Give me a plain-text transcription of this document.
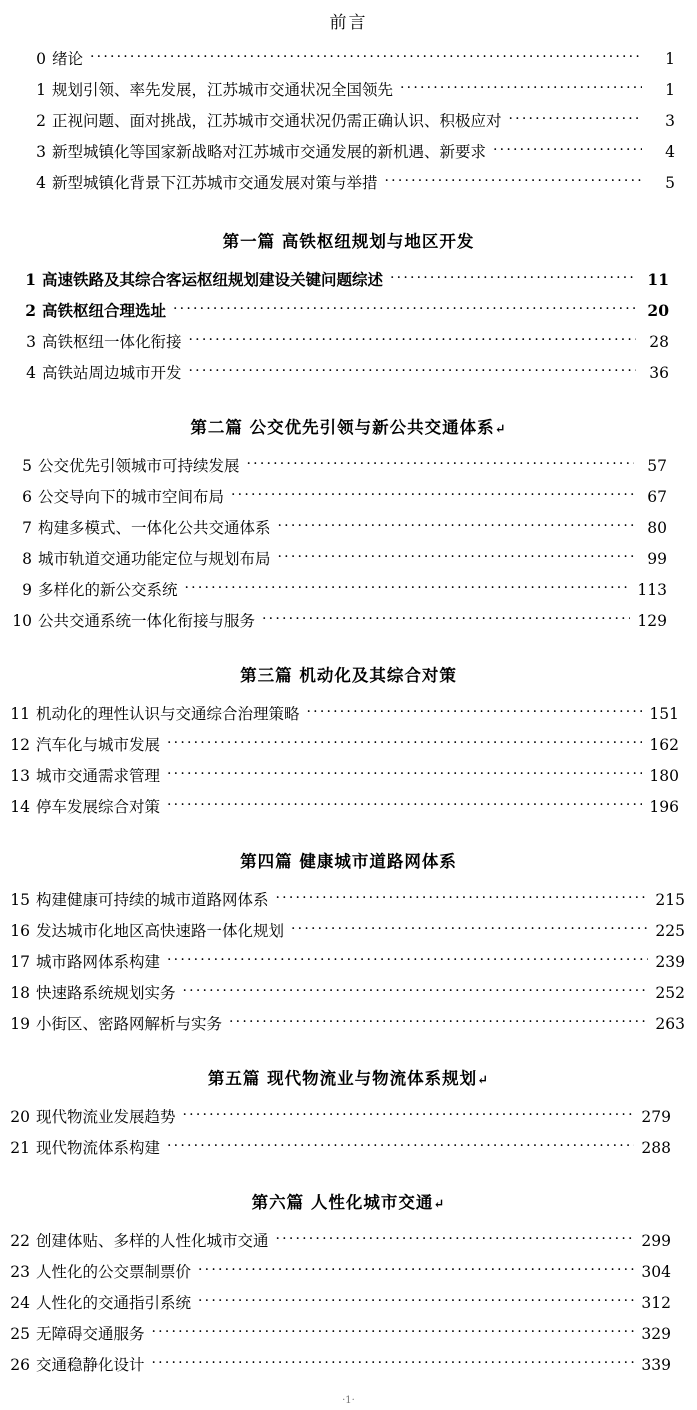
前言
0 绪论 ·····	1
1 规划引领、率先发展，江苏城市交通状况全国领先 ·····	1
2 正视问题、面对挑战，江苏城市交通状况仍需正确认识、积极应对 ·····	3
3 新型城镇化等国家新战略对江苏城市交通发展的新机遇、新要求 ·····	4
4 新型城镇化背景下江苏城市交通发展对策与举措 ·····	5
第一篇 高铁枢纽规划与地区开发
1 高速铁路及其综合客运枢纽规划建设关键问题综述 ·····	11
2 高铁枢纽合理选址 ·····	20
3 高铁枢纽一体化衔接 ·····	28
4 高铁站周边城市开发 ·····	36
第二篇 公交优先引领与新公共交通体系↵
5 公交优先引领城市可持续发展 ·····	57
6 公交导向下的城市空间布局 ·····	67
7 构建多模式、一体化公共交通体系 ·····	80
8 城市轨道交通功能定位与规划布局 ·····	99
9 多样化的新公交系统 ·····	113
10 公共交通系统一体化衔接与服务 ·····	129
第三篇 机动化及其综合对策
11 机动化的理性认识与交通综合治理策略 ·····	151
12 汽车化与城市发展 ·····	162
13 城市交通需求管理 ·····	180
14 停车发展综合对策 ·····	196
第四篇 健康城市道路网体系
15 构建健康可持续的城市道路网体系 ·····	215
16 发达城市化地区高快速路一体化规划 ·····	225
17 城市路网体系构建 ·····	239
18 快速路系统规划实务 ·····	252
19 小街区、密路网解析与实务 ·····	263
第五篇 现代物流业与物流体系规划↵
20 现代物流业发展趋势 ·····	279
21 现代物流体系构建 ·····	288
第六篇 人性化城市交通↵
22 创建体贴、多样的人性化城市交通 ·····	299
23 人性化的公交票制票价 ·····	304
24 人性化的交通指引系统 ·····	312
25 无障碍交通服务 ·····	329
26 交通稳静化设计 ·····	339
·1·
